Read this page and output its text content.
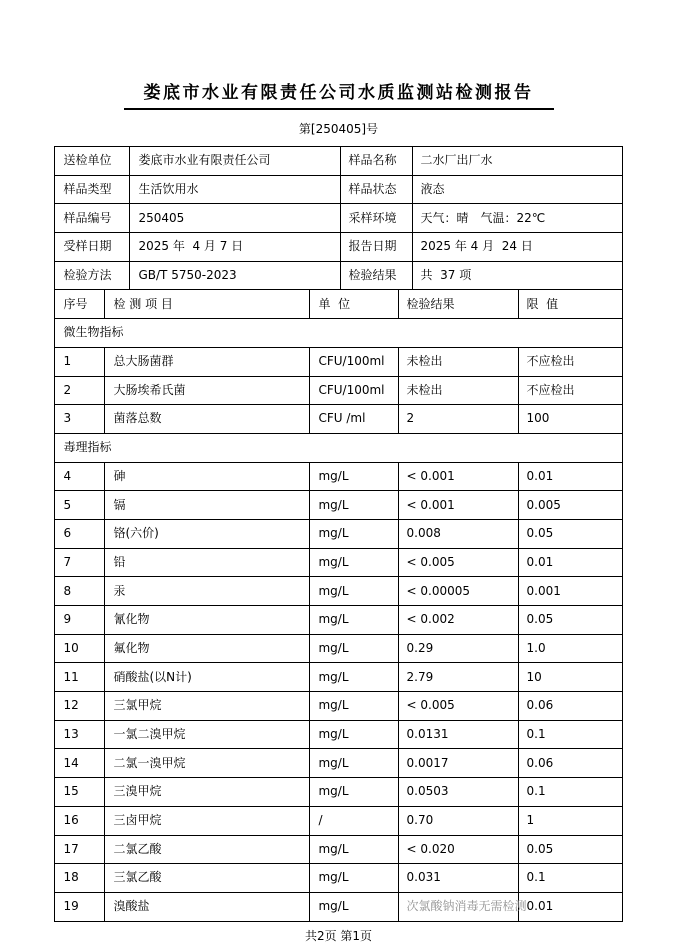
娄底市水业有限责任公司水质监测站检测报告
第[250405]号
送检单位		娄底市水业有限责任公司		样品名称		二水厂出厂水	
样品类型		生活饮用水		样品状态		液态	
样品编号		250405		采样环境		天气：晴　气温：22℃	
受样日期		2025 年  4 月 7 日		报告日期		2025 年 4 月  24 日	
检验方法		GB/T 5750-2023		检验结果		共  37 项	
序号	检 测 项 目		单  位		检验结果		限  值
微生物指标							
1	总大肠菌群		CFU/100ml		未检出		不应检出
2	大肠埃希氏菌		CFU/100ml		未检出		不应检出
3	菌落总数		CFU /ml		2		100
毒理指标							
4	砷		mg/L		< 0.001		0.01
5	镉		mg/L		< 0.001		0.005
6	铬(六价)		mg/L		0.008		0.05
7	铅		mg/L		< 0.005		0.01
8	汞		mg/L		< 0.00005		0.001
9	氰化物		mg/L		< 0.002		0.05
10	氟化物		mg/L		0.29		1.0
11	硝酸盐(以N计)		mg/L		2.79		10
12	三氯甲烷		mg/L		< 0.005		0.06
13	一氯二溴甲烷		mg/L		0.0131		0.1
14	二氯一溴甲烷		mg/L		0.0017		0.06
15	三溴甲烷		mg/L		0.0503		0.1
16	三卤甲烷		/		0.70		1
17	二氯乙酸		mg/L		< 0.020		0.05
18	三氯乙酸		mg/L		0.031		0.1
19	溴酸盐		mg/L		次氯酸钠消毒无需检测		0.01
共2页 第1页
